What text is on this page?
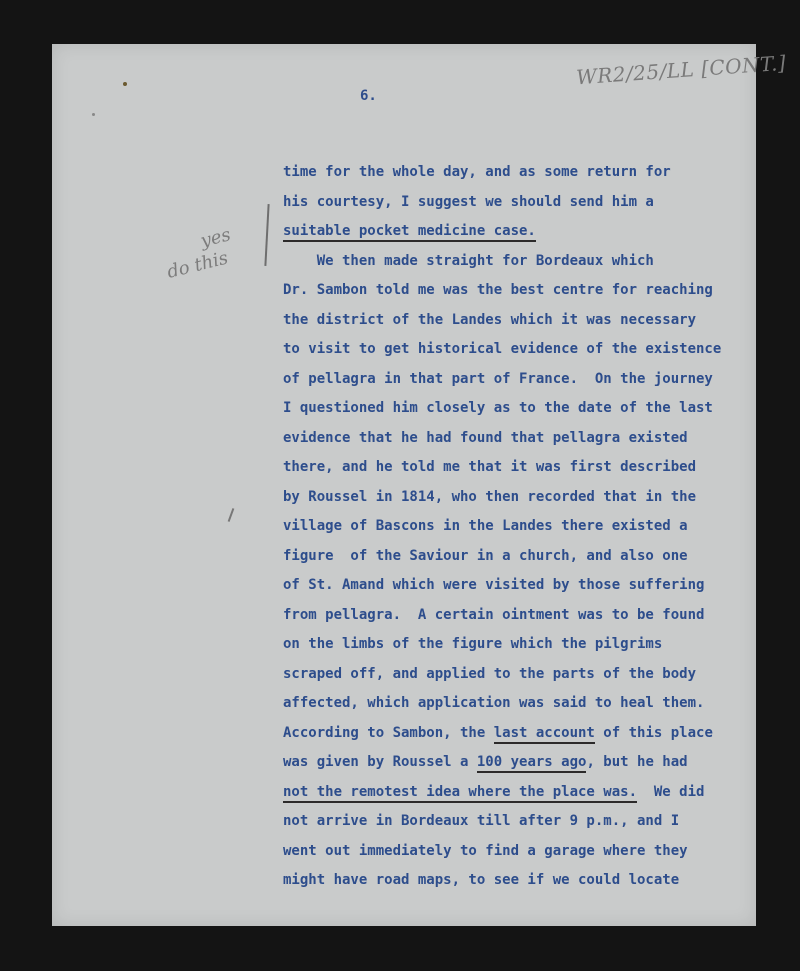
WR2/25/LL [CONT.]
6.
yes
do this
time for the whole day, and as some return for
his courtesy, I suggest we should send him a
suitable pocket medicine case.
We then made straight for Bordeaux which
Dr. Sambon told me was the best centre for reaching
the district of the Landes which it was necessary
to visit to get historical evidence of the existence
of pellagra in that part of France.  On the journey
I questioned him closely as to the date of the last
evidence that he had found that pellagra existed
there, and he told me that it was first described
by Roussel in 1814, who then recorded that in the
village of Bascons in the Landes there existed a
figure  of the Saviour in a church, and also one
of St. Amand which were visited by those suffering
from pellagra.  A certain ointment was to be found
on the limbs of the figure which the pilgrims
scraped off, and applied to the parts of the body
affected, which application was said to heal them.
According to Sambon, the last account of this place
was given by Roussel a 100 years ago, but he had
not the remotest idea where the place was.  We did
not arrive in Bordeaux till after 9 p.m., and I
went out immediately to find a garage where they
might have road maps, to see if we could locate
